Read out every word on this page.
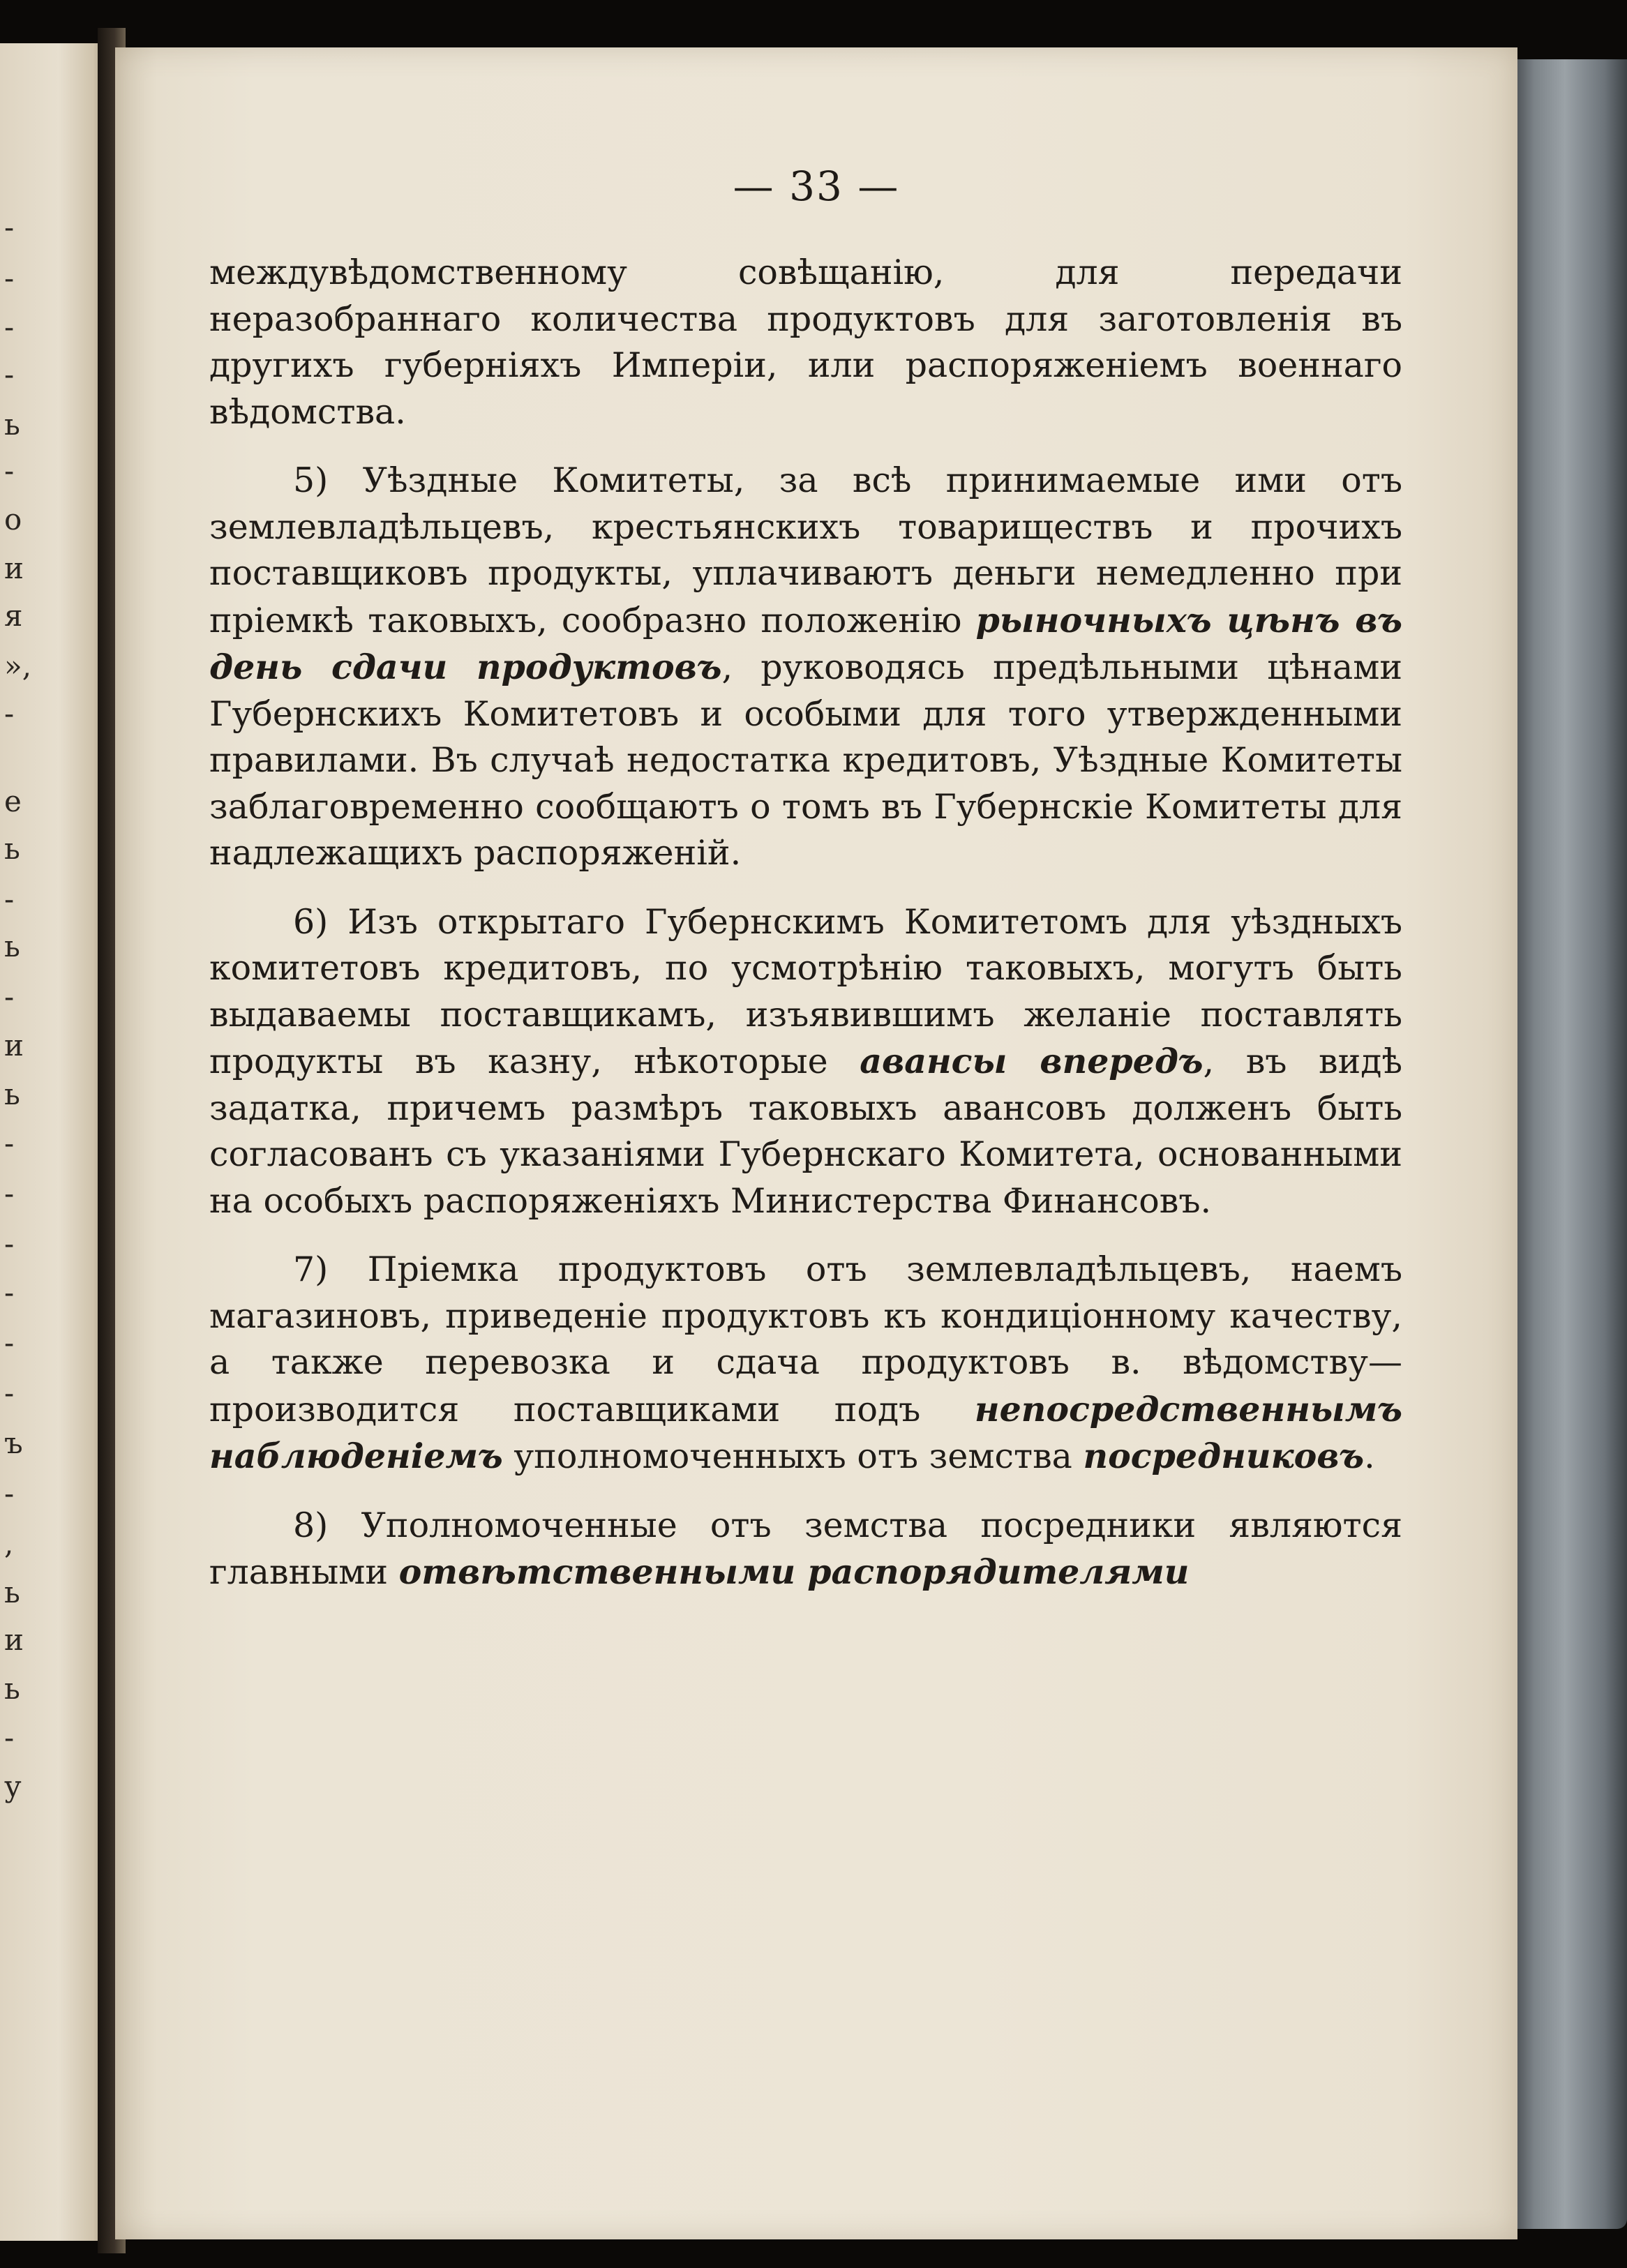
-
-
-
-
ь
-
о
и
я
»,
-
е
ь
-
ь
-
и
ь
-
-
-
-
-
-
ъ
-
,
ь
и
ь
-
у
— 33 —

междувѣдомственному совѣщанію, для передачи неразобраннаго количества продуктовъ для заготовленія въ другихъ губерніяхъ Имперіи, или распоряженіемъ военнаго вѣдомства.

5) Уѣздные Комитеты, за всѣ принимаемые ими отъ землевладѣльцевъ, крестьянскихъ товариществъ и прочихъ поставщиковъ продукты, уплачиваютъ деньги немедленно при пріемкѣ таковыхъ, сообразно положенію рыночныхъ цѣнъ въ день сдачи продуктовъ, руководясь предѣльными цѣнами Губернскихъ Комитетовъ и особыми для того утвержденными правилами. Въ случаѣ недостатка кредитовъ, Уѣздные Комитеты заблаговременно сообщаютъ о томъ въ Губернскіе Комитеты для надлежащихъ распоряженій.

6) Изъ открытаго Губернскимъ Комитетомъ для уѣздныхъ комитетовъ кредитовъ, по усмотрѣнію таковыхъ, могутъ быть выдаваемы поставщикамъ, изъявившимъ желаніе поставлять продукты въ казну, нѣкоторые авансы впередъ, въ видѣ задатка, причемъ размѣръ таковыхъ авансовъ долженъ быть согласованъ съ указаніями Губернскаго Комитета, основанными на особыхъ распоряженіяхъ Министерства Финансовъ.

7) Пріемка продуктовъ отъ землевладѣльцевъ, наемъ магазиновъ, приведеніе продуктовъ къ кондиціонному качеству, а также перевозка и сдача продуктовъ в. вѣдомству—производится поставщиками подъ непосредственнымъ наблюденіемъ уполномоченныхъ отъ земства посредниковъ.

8) Уполномоченные отъ земства посредники являются главными отвѣтственными распорядителями
